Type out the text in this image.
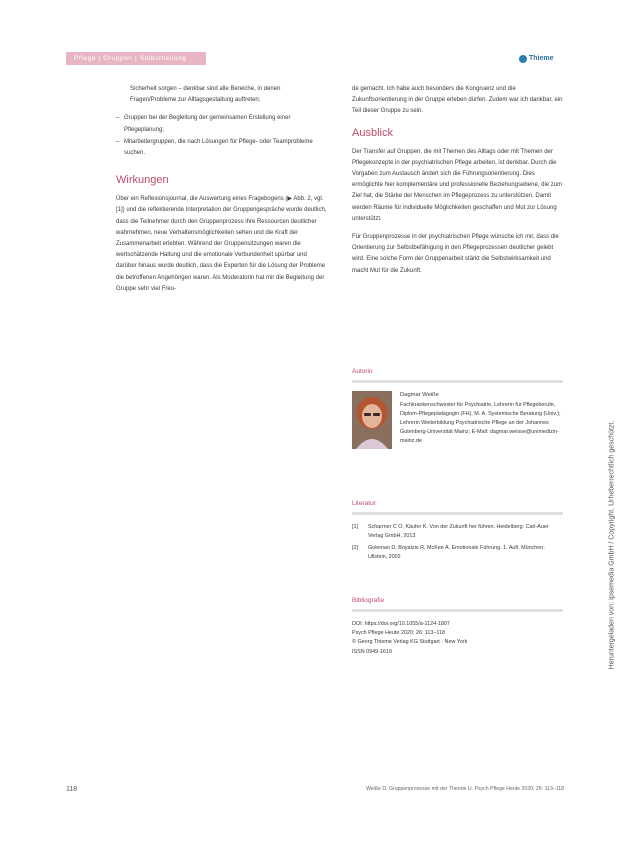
Pflege | Gruppen | Selbstheilung	Thieme

Sicherheit sorgen – denkbar sind alle Bereiche, in denen Fragen/Probleme zur Alltagsgestaltung auftreten;

– Gruppen bei der Begleitung der gemeinsamen Erstellung einer Pflegeplanung;
– Mitarbeitergruppen, die nach Lösungen für Pflege- oder Teamprobleme suchen.
Wirkungen

Über ein Reflexionsjournal, die Auswertung eines Fragebogens (▶ Abb. 2, vgl. [1]) und die reflektierende Interpretation der Gruppengespräche wurde deutlich, dass die Teilnehmer durch den Gruppenprozess ihre Ressourcen deutlicher wahrnehmen, neue Verhaltensmöglichkeiten sehen und die Kraft der Zusammenarbeit erlebten. Während der Gruppensitzungen waren die wertschätzende Haltung und die emotionale Verbundenheit spürbar und darüber hinaus wurde deutlich, dass die Experten für die Lösung der Probleme die betroffenen Angehörigen waren. Als Moderatorin hat mir die Begleitung der Gruppe sehr viel Freu-

de gemacht. Ich habe auch besonders die Kongruenz und die Zukunftsorientierung in der Gruppe erleben dürfen. Zudem war ich dankbar, ein Teil dieser Gruppe zu sein.

Ausblick

Der Transfer auf Gruppen, die mit Themen des Alltags oder mit Themen der Pflegekonzepte in der psychiatrischen Pflege arbeiten, ist denkbar. Durch die Vorgaben zum Austausch ändert sich die Führungsorientierung. Dies ermöglichte hier komplementäre und professionelle Beziehungsebene, die zum Ziel hat, die Stärke der Menschen im Pflegeprozess zu unterstützen. Damit werden Räume für individuelle Möglichkeiten geschaffen und Mut zur Lösung unterstützt.

Für Gruppenprozesse in der psychiatrischen Pflege wünsche ich mir, dass die Orientierung zur Selbstbefähigung in den Pflegeprozessen deutlicher gelebt wird. Eine solche Form der Gruppenarbeit stärkt die Selbstwirksamkeit und macht Mut für die Zukunft.

Autorin
Dagmar Weiße
Fachkrankenschwester für Psychiatrie, Lehrerin für Pflegeberufe, Diplom-Pflegepädagogin (FH), M. A. Systemische Beratung (Univ.); Lehrerin Weiterbildung Psychiatrische Pflege an der Johannes Gutenberg-Universität Mainz; E-Mail: dagmar.weisse@unimedizin-mainz.de
Literatur
[1]	Scharmer C O, Käufer K. Von der Zukunft her führen. Heidelberg: Carl-Auer Verlag GmbH, 2013
[2]	Goleman D, Boyatzis R, McKee A. Emotionale Führung. 1. Aufl. München: Ullstein, 2002
Bibliografie
DOI: https://doi.org/10.1055/a-1124-1807
Psych Pflege Heute 2020; 26: 113–118
© Georg Thieme Verlag KG Stuttgart · New York
ISSN 0949-1619	Heruntergeladen von: Ipsemedia GmbH / Copyright. Urheberrechtlich geschützt.
118	Weiße D. Gruppenprozesse mit der Theorie U. Psych Pflege Heute 2020; 26: 113–118
